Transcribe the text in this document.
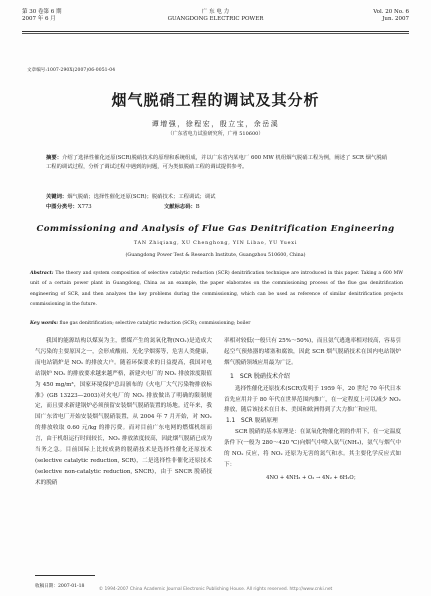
第 30 卷第 6 期
2007 年 6 月
广 东 电 力
GUANGDONG ELECTRIC POWER
Vol. 20 No. 6
Jun. 2007
文章编号:1007-290X(2007)06-0051-04
烟气脱硝工程的调试及其分析
谭增强，徐程宏，殷立宝，余岳溪
（广东省电力试验研究所，广州 510600）
摘要：介绍了选择性催化还原(SCR)脱硝技术的原理和系统组成，并以广东省内某电厂 600 MW 机组烟气脱硝工程为例，阐述了 SCR 烟气脱硝工程的调试过程，分析了调试过程中遇到的问题，可为类似脱硝工程的调试提供参考。
关键词：烟气脱硝；选择性催化还原(SCR)；脱硝技术；工程调试；调试
中图分类号：X773	文献标志码：B
Commissioning and Analysis of Flue Gas Denitrification Engineering
TAN Zhiqiang, XU Chenghong, YIN Libao, YU Yuexi
(Guangdong Power Test & Research Institute, Guangzhou 510600, China)
Abstract: The theory and system composition of selective catalytic reduction (SCR) denitrification technique are introduced in this paper. Taking a 600 MW unit of a certain power plant in Guangdong, China as an example, the paper elaborates on the commissioning process of the flue gas denitrification engineering of SCR, and then analyzes the key problems during the commissioning, which can be used as reference of similar denitrification projects commissioning in the future.
Key words: flue gas denitrification; selective catalytic reduction (SCR); commissioning; boiler

我国的能源结构以煤炭为主，燃煤产生的氮氧化物(NOₓ)是造成大气污染的主要原因之一，会形成酸雨、光化学烟雾等，危害人类健康，而电站锅炉是 NOₓ 的排放大户。随着环保要求的日益提高，我国对电站锅炉 NOₓ 的排放要求越来越严格，新建火电厂的 NOₓ 排放浓度限值为 450 mg/m³，国家环境保护总局颁布的《火电厂大气污染物排放标准》(GB 13223—2003)对火电厂的 NOₓ 排放做出了明确的限制规定，而且要求新建锅炉必须预留安装烟气脱硝装置的场地。近年来，我国广东省电厂开始安装烟气脱硝装置，从 2004 年 7 月开始，对 NOₓ 的排放收取 0.60 元/kg 的排污费。而对目前广东电网的燃煤机组而言，由于机组运行时间较长，NOₓ 排放浓度较高，因此烟气脱硝已成为当务之急。目前国际上比较成熟的脱硝技术是选择性催化还原技术(selective catalytic reduction, SCR)，二是选择性非催化还原技术(selective non-catalytic reduction, SNCR)，由于 SNCR 脱硝技术的脱硝

率相对较低(一般只有 25%～50%)，而且氨气逃逸率相对较高，容易引起空气预热器的堵塞和腐蚀，因此 SCR 烟气脱硝技术在国内电站锅炉烟气脱硝领域应用最为广泛。

1　SCR 脱硝技术介绍

选择性催化还原技术(SCR)发明于 1959 年，20 世纪 70 年代日本首先应用并于 80 年代在世界范围内推广，在一定程度上可以减少 NOₓ 排放，随后该技术在日本、美国和欧洲得到了大力推广和应用。

1.1　SCR 脱硝原理

SCR 脱硝的基本原理是：在氮氧化物催化剂的作用下，在一定温度条件下(一般为 280～420 ℃)向烟气中喷入氨气(NH₃)，氨气与烟气中的 NOₓ 反应，将 NOₓ 还原为无害的氮气和水。其主要化学反应式如下：

4NO + 4NH₃ + O₂ → 4N₂ + 6H₂O；
收稿日期：2007-01-18
© 1994-2007 China Academic Journal Electronic Publishing House. All rights reserved. http://www.cnki.net
